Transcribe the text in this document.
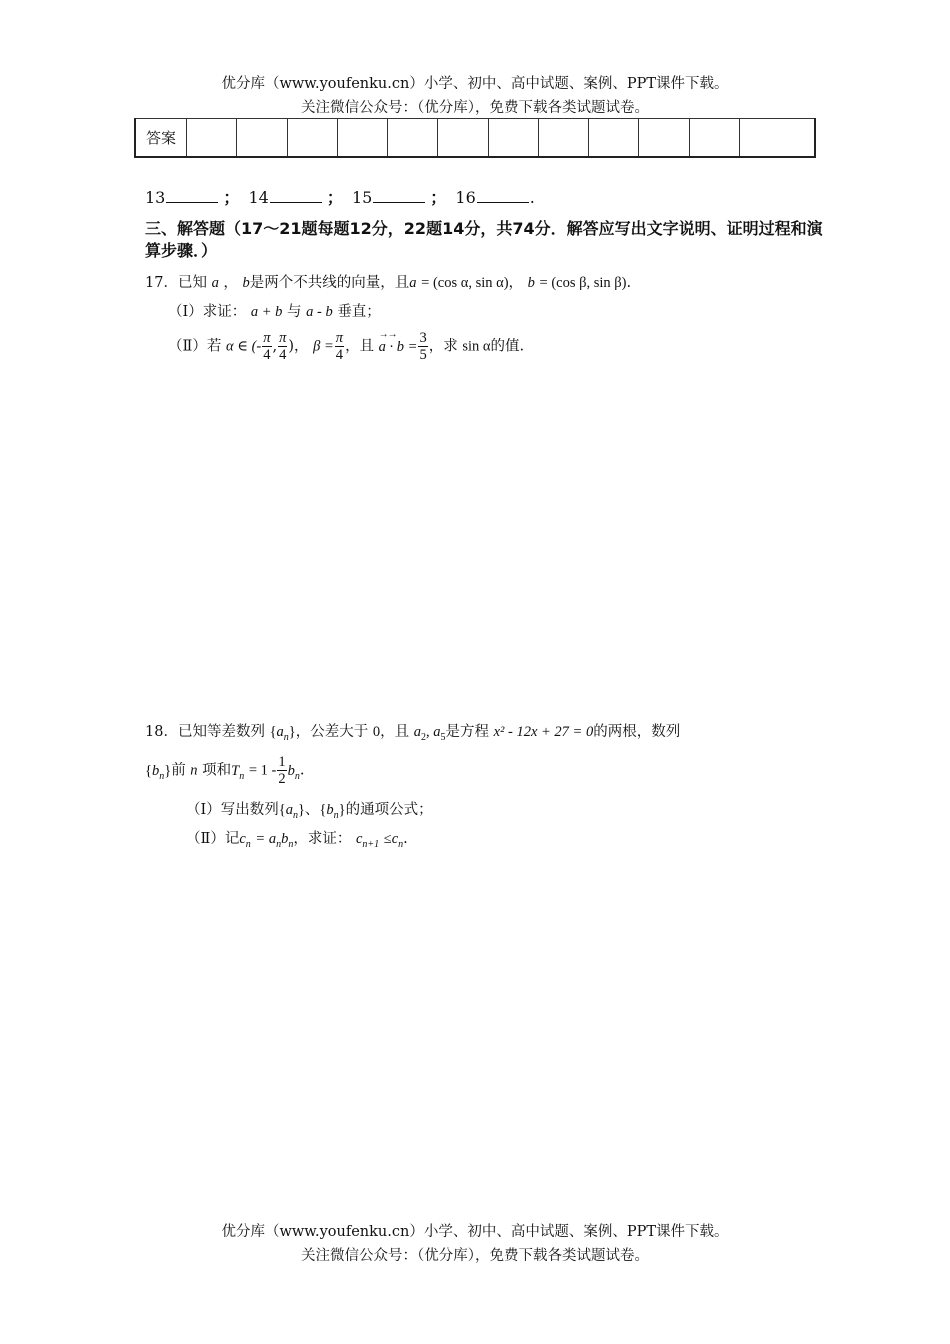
优分库（www.youfenku.cn）小学、初中、高中试题、案例、PPT课件下载。
关注微信公众号：（优分库），免费下载各类试题试卷。
答案												
13	； 14	； 15	； 16	.
三、解答题（17～21题每题12分，22题14分，共74分．解答应写出文字说明、证明过程和演算步骤．）
17．已知 a ， b是两个不共线的向量，且a = (cos α, sin α)， b = (cos β, sin β).
（Ⅰ）求证： a + b 与 a - b 垂直；
（Ⅱ）若 α ∈ (- $\frac{\pi}{4}$ , $\frac{\pi}{4}$ )， $\beta = \frac{\pi}{4}$ ，且
→→
$a \cdot b = \frac{3}{5}$ ，求 sin α的值.
18．已知等差数列 $\{a_n\}$，公差大于 0，且 $a_2$, $a_5$是方程 x² - 12x + 27 = 0的两根，数列
$\{b_n\}$前 n 项和$T_n = 1 - \frac{1}{2} b_n$.
（Ⅰ）写出数列$\{a_n\}$、$\{b_n\}$的通项公式；
（Ⅱ）记$c_n = a_nb_n$，求证： $c_{n+1} \le c_n$.
优分库（www.youfenku.cn）小学、初中、高中试题、案例、PPT课件下载。
关注微信公众号：（优分库），免费下载各类试题试卷。
